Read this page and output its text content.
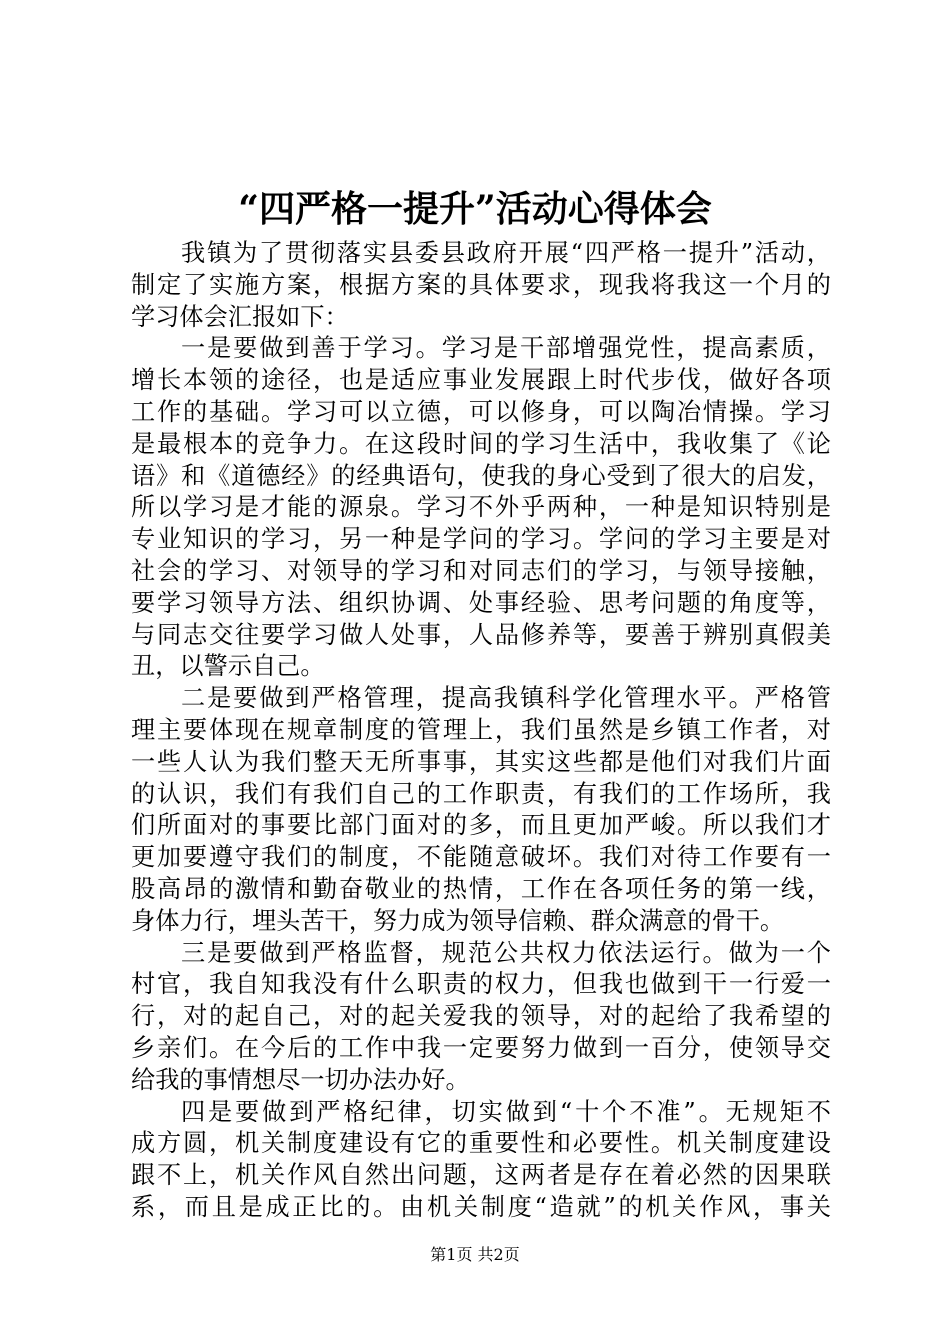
“四严格一提升”活动心得体会
我镇为了贯彻落实县委县政府开展“四严格一提升”活动，
制定了实施方案，根据方案的具体要求，现我将我这一个月的
学习体会汇报如下：
一是要做到善于学习。学习是干部增强党性，提高素质，
增长本领的途径，也是适应事业发展跟上时代步伐，做好各项
工作的基础。学习可以立德，可以修身，可以陶冶情操。学习
是最根本的竞争力。在这段时间的学习生活中，我收集了《论
语》和《道德经》的经典语句，使我的身心受到了很大的启发，
所以学习是才能的源泉。学习不外乎两种，一种是知识特别是
专业知识的学习，另一种是学问的学习。学问的学习主要是对
社会的学习、对领导的学习和对同志们的学习，与领导接触，
要学习领导方法、组织协调、处事经验、思考问题的角度等，
与同志交往要学习做人处事，人品修养等，要善于辨别真假美
丑，以警示自己。
二是要做到严格管理，提高我镇科学化管理水平。严格管
理主要体现在规章制度的管理上，我们虽然是乡镇工作者，对
一些人认为我们整天无所事事，其实这些都是他们对我们片面
的认识，我们有我们自己的工作职责，有我们的工作场所，我
们所面对的事要比部门面对的多，而且更加严峻。所以我们才
更加要遵守我们的制度，不能随意破坏。我们对待工作要有一
股高昂的激情和勤奋敬业的热情，工作在各项任务的第一线，
身体力行，埋头苦干，努力成为领导信赖、群众满意的骨干。
三是要做到严格监督，规范公共权力依法运行。做为一个
村官，我自知我没有什么职责的权力，但我也做到干一行爱一
行，对的起自己，对的起关爱我的领导，对的起给了我希望的
乡亲们。在今后的工作中我一定要努力做到一百分，使领导交
给我的事情想尽一切办法办好。
四是要做到严格纪律，切实做到“十个不准”。无规矩不
成方圆，机关制度建设有它的重要性和必要性。机关制度建设
跟不上，机关作风自然出问题，这两者是存在着必然的因果联
系，而且是成正比的。由机关制度“造就”的机关作风，事关
第1页 共2页
